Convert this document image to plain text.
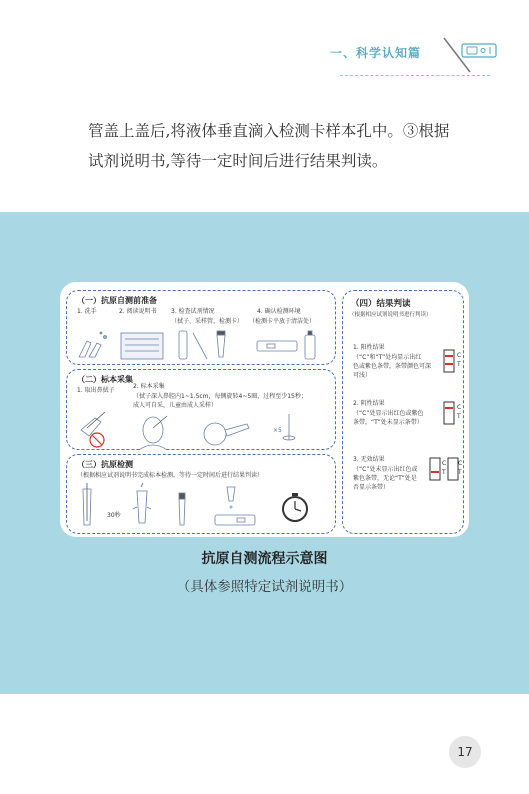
一、科学认知篇
管盖上盖后,将液体垂直滴入检测卡样本孔中。③根据
试剂说明书,等待一定时间后进行结果判读。
（一）抗原自测前准备
1. 洗手	2. 阅读说明书 3. 检查试剂情况
（拭子、采样管、检测卡）
4. 确认检测环境
（检测卡平放于清洁处）
（二）标本采集
1. 取出鼻拭子
2. 标本采集
（拭子深入鼻腔内1~1.5cm，每侧旋转4~5圈，过程至少15秒；
成人可自采，儿童由成人采样）
×5
（三）抗原检测
（根据相应试剂说明书完成标本检测，等待一定时间后进行结果判读）
30秒
（四）结果判读
（根据相应试剂说明书进行判读）
1. 阳性结果
（“C”和“T”处均显示出红
色或紫色条带，条带颜色可深
可浅）
C
T
2. 阴性结果
（“C”处显示出红色或紫色
条带，“T”处未显示条带）
C
T
3. 无效结果
（“C”处未显示出红色或
紫色条带，无论“T”处是
否显示条带）
C
T
C
T
抗原自测流程示意图
（具体参照特定试剂说明书）
17
